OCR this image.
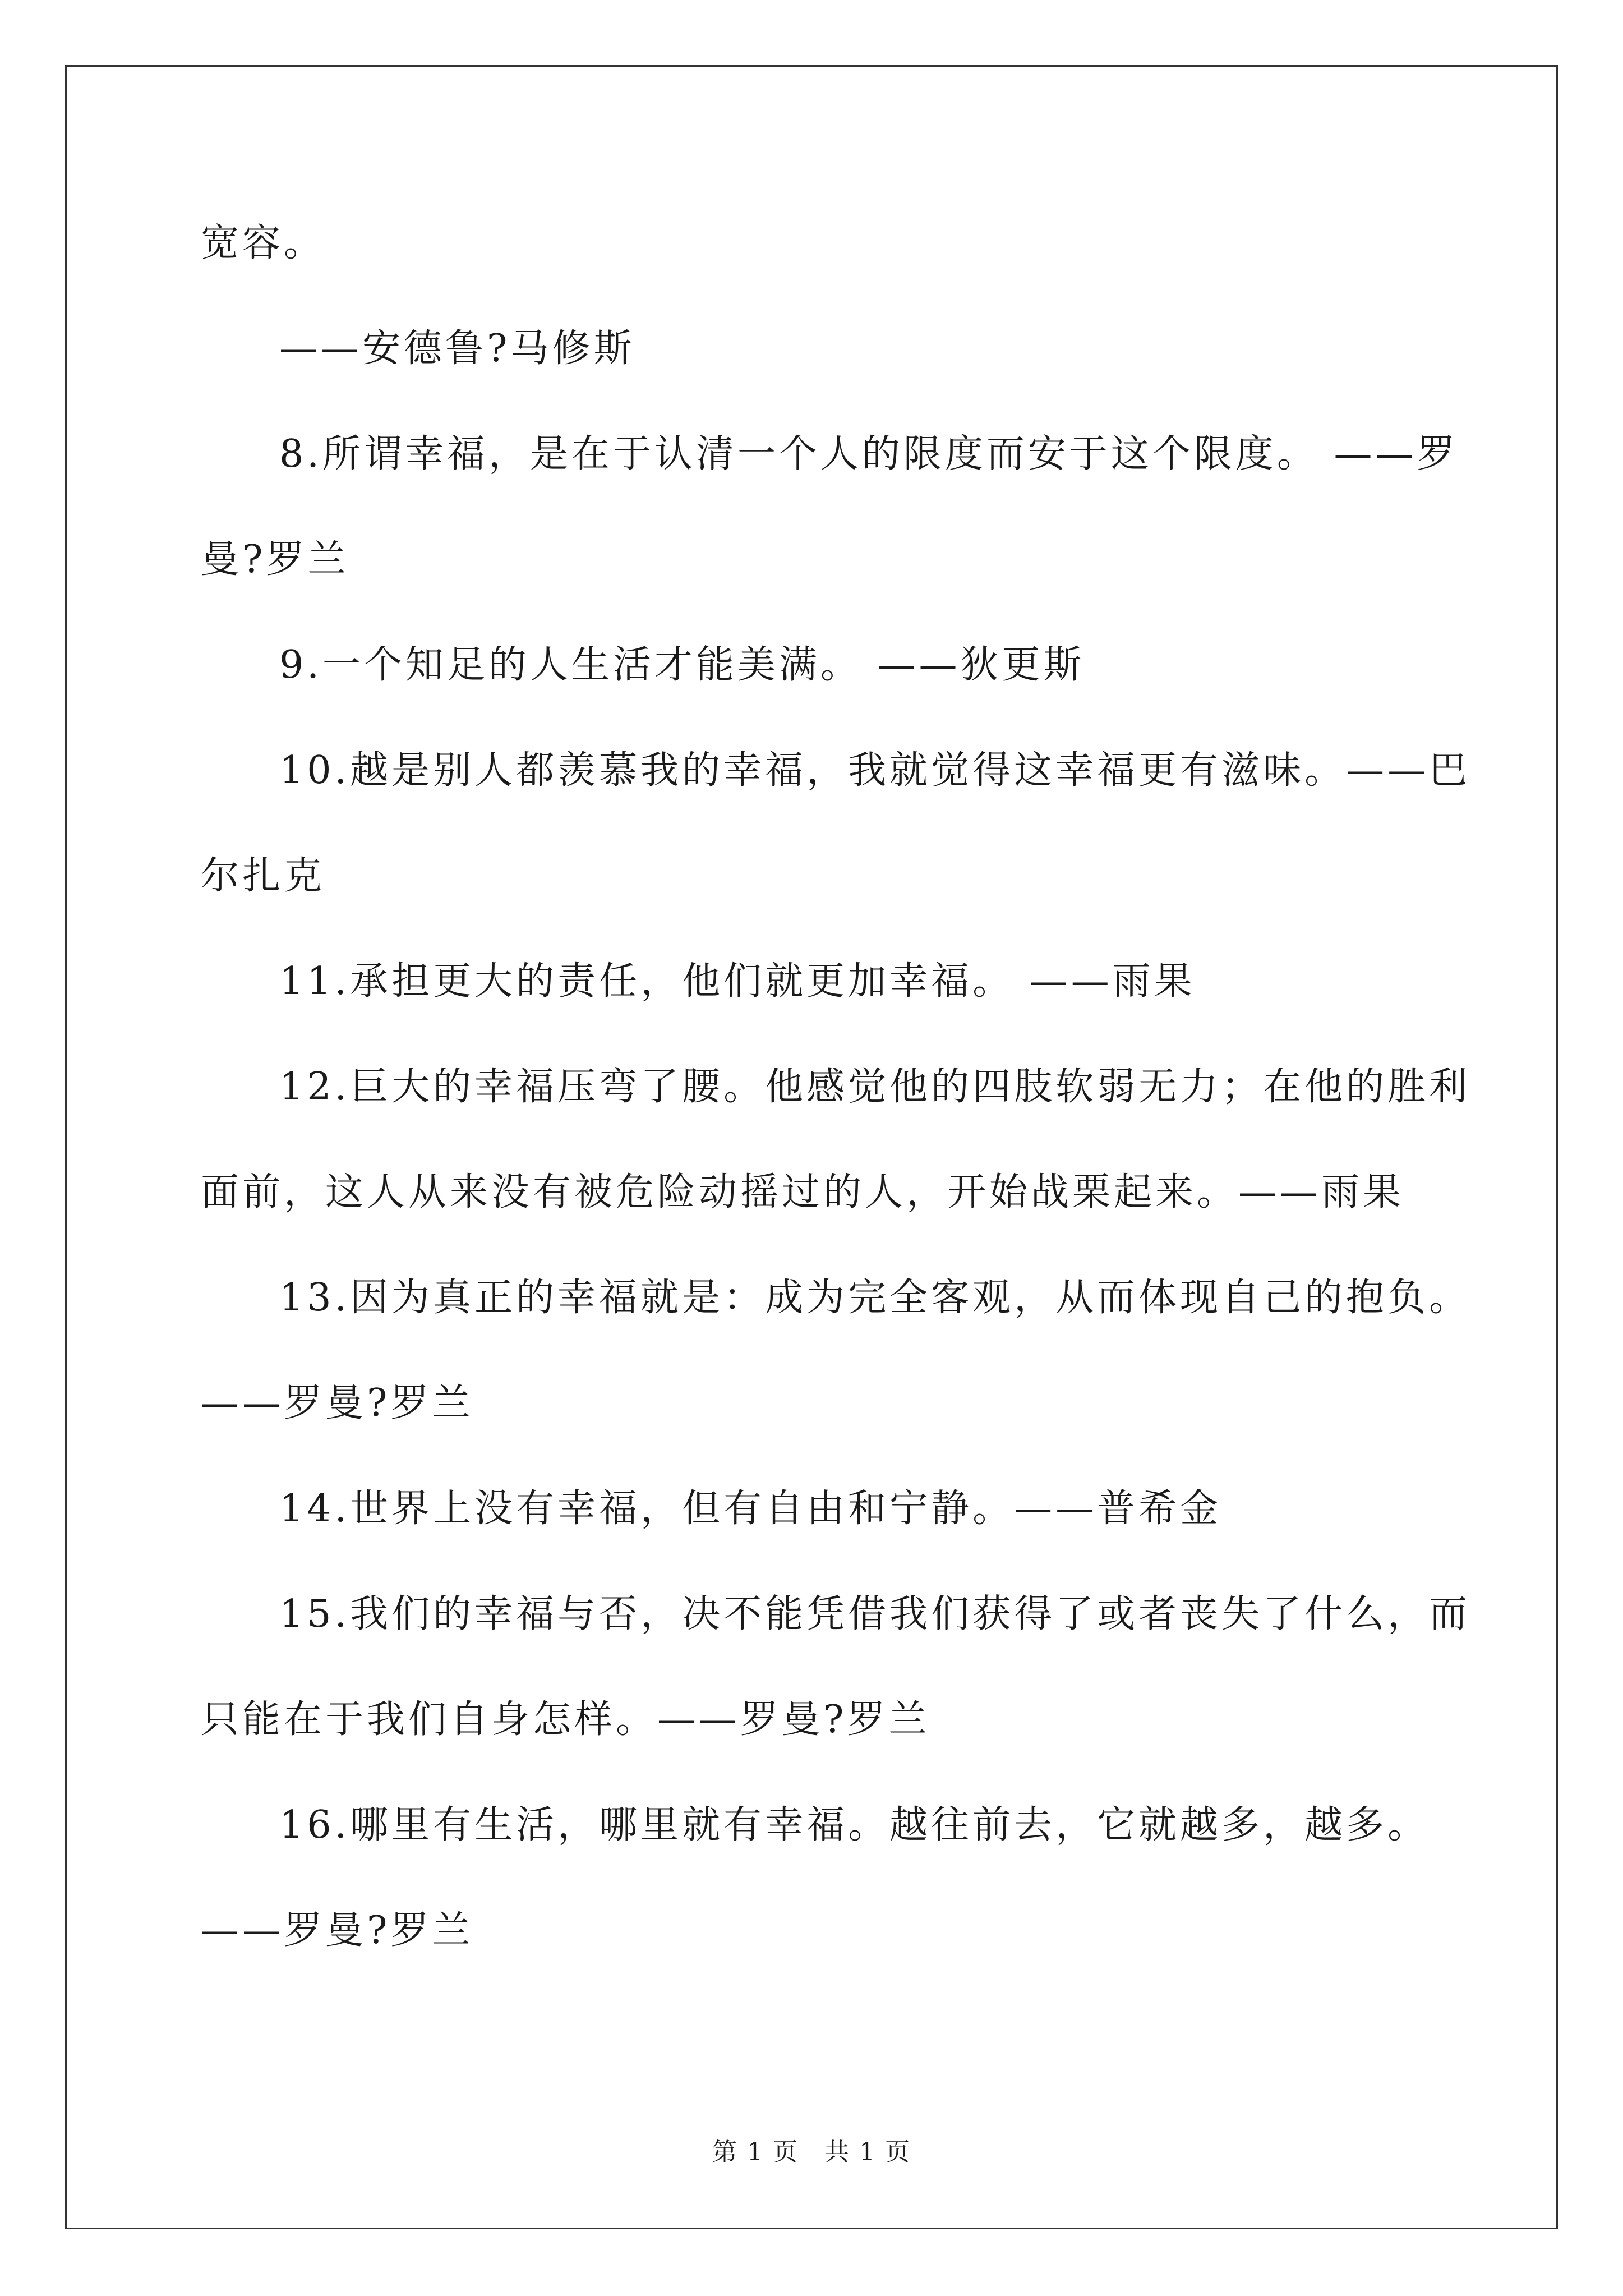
宽容。
——安德鲁?马修斯
8.所谓幸福，是在于认清一个人的限度而安于这个限度。 ——罗
曼?罗兰
9.一个知足的人生活才能美满。 ——狄更斯
10.越是别人都羡慕我的幸福，我就觉得这幸福更有滋味。——巴
尔扎克
11.承担更大的责任，他们就更加幸福。 ——雨果
12.巨大的幸福压弯了腰。他感觉他的四肢软弱无力；在他的胜利
面前，这人从来没有被危险动摇过的人，开始战栗起来。——雨果
13.因为真正的幸福就是：成为完全客观，从而体现自己的抱负。
——罗曼?罗兰
14.世界上没有幸福，但有自由和宁静。——普希金
15.我们的幸福与否，决不能凭借我们获得了或者丧失了什么，而
只能在于我们自身怎样。——罗曼?罗兰
16.哪里有生活，哪里就有幸福。越往前去，它就越多，越多。
——罗曼?罗兰
第 1 页　共 1 页
